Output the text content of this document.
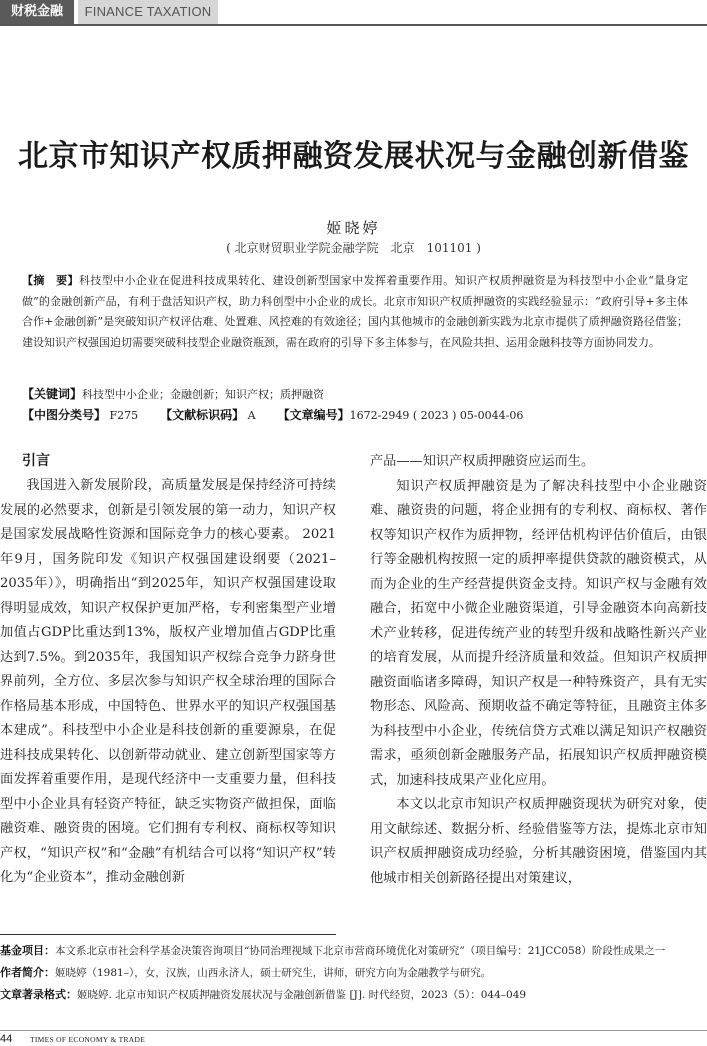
财税金融	FINANCE TAXATION
北京市知识产权质押融资发展状况与金融创新借鉴
姬晓婷
( 北京财贸职业学院金融学院　北京　101101 )
【摘　要】科技型中小企业在促进科技成果转化、建设创新型国家中发挥着重要作用。知识产权质押融资是为科技型中小企业“量身定做”的金融创新产品，有利于盘活知识产权，助力科创型中小企业的成长。北京市知识产权质押融资的实践经验显示：“政府引导+多主体合作+金融创新”是突破知识产权评估难、处置难、风控难的有效途径；国内其他城市的金融创新实践为北京市提供了质押融资路径借鉴；建设知识产权强国迫切需要突破科技型企业融资瓶颈，需在政府的引导下多主体参与，在风险共担、运用金融科技等方面协同发力。
【关键词】科技型中小企业；金融创新；知识产权；质押融资
【中图分类号】 F275 【文献标识码】 A 【文章编号】1672-2949 ( 2023 ) 05-0044-06
引言

我国进入新发展阶段，高质量发展是保持经济可持续发展的必然要求，创新是引领发展的第一动力，知识产权是国家发展战略性资源和国际竞争力的核心要素。 2021年9月，国务院印发《知识产权强国建设纲要（2021–2035年）》，明确指出“到2025年，知识产权强国建设取得明显成效，知识产权保护更加严格，专利密集型产业增加值占GDP比重达到13%，版权产业增加值占GDP比重达到7.5%。到2035年，我国知识产权综合竞争力跻身世界前列，全方位、多层次参与知识产权全球治理的国际合作格局基本形成，中国特色、世界水平的知识产权强国基本建成”。科技型中小企业是科技创新的重要源泉，在促进科技成果转化、以创新带动就业、建立创新型国家等方面发挥着重要作用，是现代经济中一支重要力量，但科技型中小企业具有轻资产特征，缺乏实物资产做担保，面临融资难、融资贵的困境。它们拥有专利权、商标权等知识产权，“知识产权”和“金融”有机结合可以将“知识产权”转化为“企业资本”，推动金融创新

产品——知识产权质押融资应运而生。

知识产权质押融资是为了解决科技型中小企业融资难、融资贵的问题，将企业拥有的专利权、商标权、著作权等知识产权作为质押物，经评估机构评估价值后，由银行等金融机构按照一定的质押率提供贷款的融资模式，从而为企业的生产经营提供资金支持。知识产权与金融有效融合，拓宽中小微企业融资渠道，引导金融资本向高新技术产业转移，促进传统产业的转型升级和战略性新兴产业的培育发展，从而提升经济质量和效益。但知识产权质押融资面临诸多障碍，知识产权是一种特殊资产，具有无实物形态、风险高、预期收益不确定等特征，且融资主体多为科技型中小企业，传统信贷方式难以满足知识产权融资需求，亟须创新金融服务产品，拓展知识产权质押融资模式，加速科技成果产业化应用。

本文以北京市知识产权质押融资现状为研究对象，使用文献综述、数据分析、经验借鉴等方法，提炼北京市知识产权质押融资成功经验，分析其融资困境，借鉴国内其他城市相关创新路径提出对策建议，

基金项目：本文系北京市社会科学基金决策咨询项目“协同治理视域下北京市营商环境优化对策研究”（项目编号：21JCC058）阶段性成果之一
作者简介：姬晓婷（1981–），女，汉族，山西永济人，硕士研究生，讲师，研究方向为金融教学与研究。
文章著录格式：姬晓婷. 北京市知识产权质押融资发展状况与金融创新借鉴 [J]. 时代经贸，2023（5）：044–049
44 TIMES OF ECONOMY & TRADE
